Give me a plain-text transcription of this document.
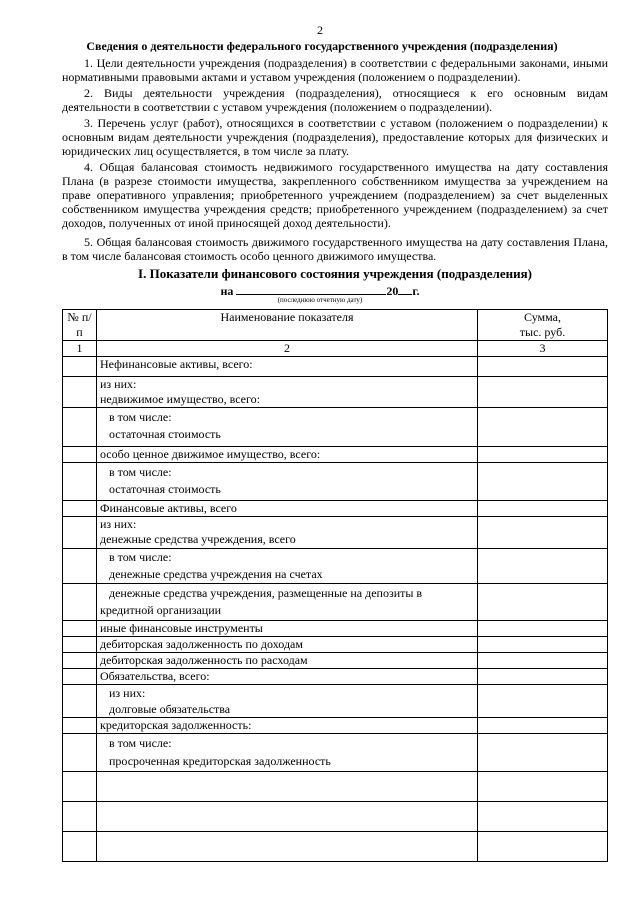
2
Сведения о деятельности федерального государственного учреждения (подразделения)
1. Цели деятельности учреждения (подразделения) в соответствии с федеральными законами, иными нормативными правовыми актами и уставом учреждения (положением о подразделении).
2. Виды деятельности учреждения (подразделения), относящиеся к его основным видам деятельности в соответствии с уставом учреждения (положением о подразделении).
3. Перечень услуг (работ), относящихся в соответствии с уставом (положением о подразделении) к основным видам деятельности учреждения (подразделения), предоставление которых для физических и юридических лиц осуществляется, в том числе за плату.
4. Общая балансовая стоимость недвижимого государственного имущества на дату составления Плана (в разрезе стоимости имущества, закрепленного собственником имущества за учреждением на праве оперативного управления; приобретенного учреждением (подразделением) за счет выделенных собственником имущества учреждения средств; приобретенного учреждением (подразделением) за счет доходов, полученных от иной приносящей доход деятельности).
5. Общая балансовая стоимость движимого государственного имущества на дату составления Плана, в том числе балансовая стоимость особо ценного движимого имущества.
I. Показатели финансового состояния учреждения (подразделения)
на	20 г.
(последнюю отчетную дату)
№ п/п	Наименование показателя	Сумма,
тыс. руб.

1	2	3
	Нефинансовые активы, всего:	

	из них:
недвижимое имущество, всего:	

	в том числе:
остаточная стоимость	

	особо ценное движимое имущество, всего:	

	в том числе:
остаточная стоимость	

	Финансовые активы, всего	

	из них:
денежные средства учреждения, всего	

	в том числе:
денежные средства учреждения на счетах	

	денежные средства учреждения, размещенные на депозиты в
кредитной организации	

	иные финансовые инструменты	
	дебиторская задолженность по доходам	
	дебиторская задолженность по расходам	
	Обязательства, всего:	

	из них:
долговые обязательства	

	кредиторская задолженность:	

	в том числе:
просроченная кредиторская задолженность	
